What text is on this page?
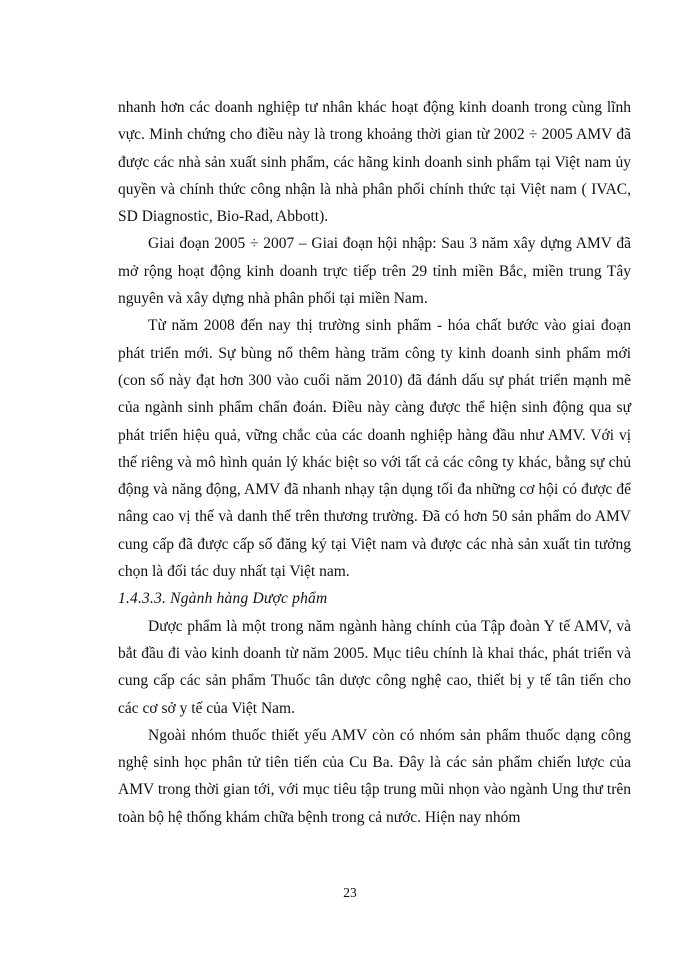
nhanh hơn các doanh nghiệp tư nhân khác hoạt động kinh doanh trong cùng lĩnh vực. Minh chứng cho điều này là trong khoảng thời gian từ 2002 ÷ 2005 AMV đã được các nhà sản xuất sinh phẩm, các hãng kinh doanh sinh phẩm tại Việt nam ủy quyền và chính thức công nhận là nhà phân phối chính thức tại Việt nam ( IVAC, SD Diagnostic, Bio-Rad, Abbott).

Giai đoạn 2005 ÷ 2007 – Giai đoạn hội nhập: Sau 3 năm xây dựng AMV đã mở rộng hoạt động kinh doanh trực tiếp trên 29 tỉnh miền Bắc, miền trung Tây nguyên và xây dựng nhà phân phối tại miền Nam.

Từ năm 2008 đến nay thị trường sinh phẩm - hóa chất bước vào giai đoạn phát triển mới. Sự bùng nổ thêm hàng trăm công ty kinh doanh sinh phẩm mới (con số này đạt hơn 300 vào cuối năm 2010) đã đánh dấu sự phát triển mạnh mẽ của ngành sinh phẩm chẩn đoán. Điều này càng được thể hiện sinh động qua sự phát triển hiệu quả, vững chắc của các doanh nghiệp hàng đầu như AMV. Với vị thế riêng và mô hình quản lý khác biệt so với tất cả các công ty khác, bằng sự chủ động và năng động, AMV đã nhanh nhạy tận dụng tối đa những cơ hội có được để nâng cao vị thế và danh thế trên thương trường. Đã có hơn 50 sản phẩm do AMV cung cấp đã được cấp số đăng ký tại Việt nam và được các nhà sản xuất tin tưởng chọn là đối tác duy nhất tại Việt nam.

1.4.3.3. Ngành hàng Dược phẩm

Dược phẩm là một trong năm ngành hàng chính của Tập đoàn Y tế AMV, và bắt đầu đi vào kinh doanh từ năm 2005. Mục tiêu chính là khai thác, phát triển và cung cấp các sản phẩm Thuốc tân dược công nghệ cao, thiết bị y tế tân tiến cho các cơ sở y tế của Việt Nam.

Ngoài nhóm thuốc thiết yếu AMV còn có nhóm sản phẩm thuốc dạng công nghệ sinh học phân tử tiên tiến của Cu Ba. Đây là các sản phẩm chiến lược của AMV trong thời gian tới, với mục tiêu tập trung mũi nhọn vào ngành Ung thư trên toàn bộ hệ thống khám chữa bệnh trong cả nước. Hiện nay nhóm

23
